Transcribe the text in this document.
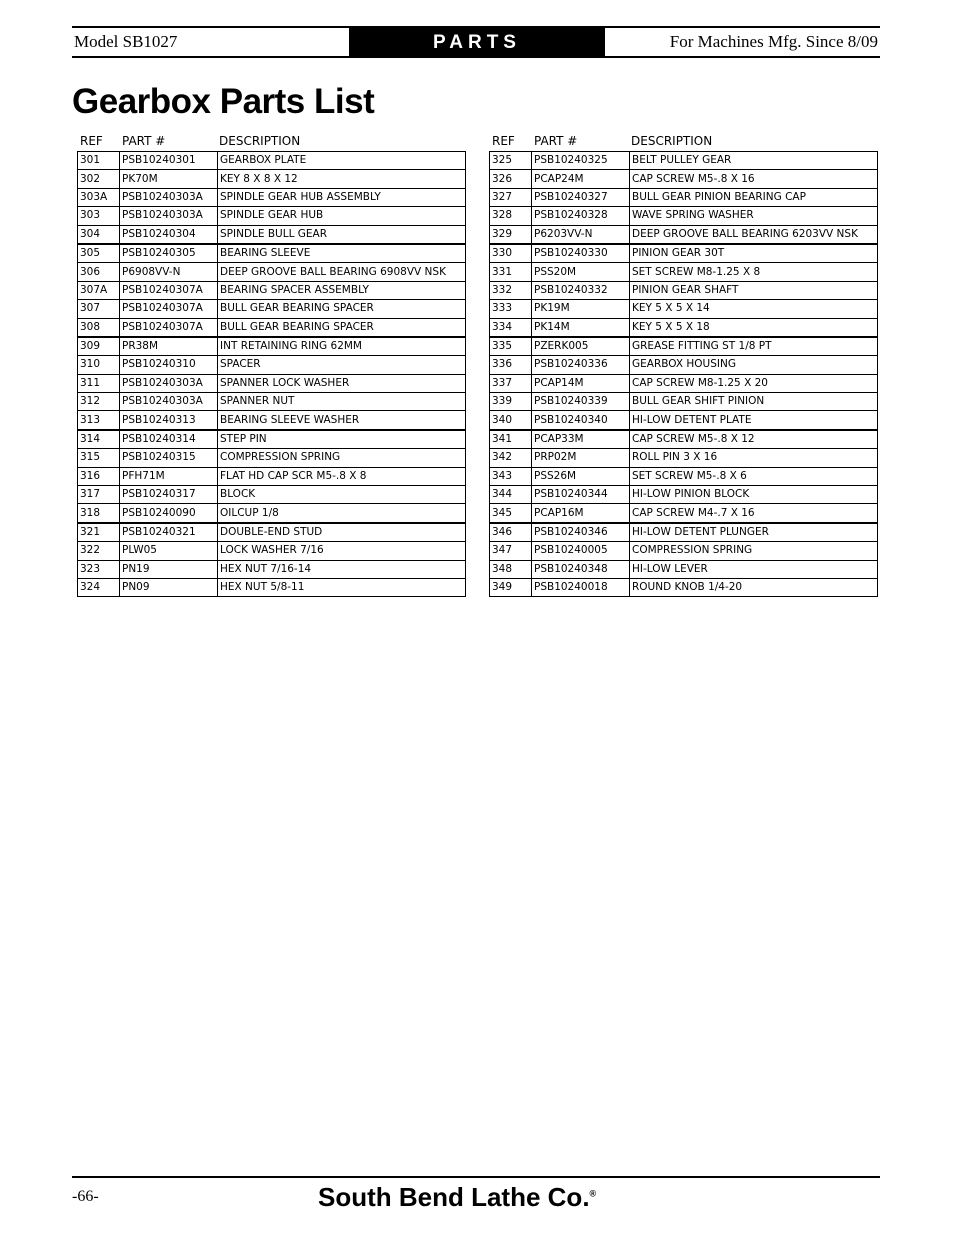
Model SB1027	PARTS	For Machines Mfg. Since 8/09
Gearbox Parts List
REF PART #	DESCRIPTION
301	PSB10240301	GEARBOX PLATE
302	PK70M	KEY 8 X 8 X 12
303A	PSB10240303A	SPINDLE GEAR HUB ASSEMBLY
303	PSB10240303A	SPINDLE GEAR HUB
304	PSB10240304	SPINDLE BULL GEAR
305	PSB10240305	BEARING SLEEVE
306	P6908VV-N	DEEP GROOVE BALL BEARING 6908VV NSK
307A	PSB10240307A	BEARING SPACER ASSEMBLY
307	PSB10240307A	BULL GEAR BEARING SPACER
308	PSB10240307A	BULL GEAR BEARING SPACER
309	PR38M	INT RETAINING RING 62MM
310	PSB10240310	SPACER
311	PSB10240303A	SPANNER LOCK WASHER
312	PSB10240303A	SPANNER NUT
313	PSB10240313	BEARING SLEEVE WASHER
314	PSB10240314	STEP PIN
315	PSB10240315	COMPRESSION SPRING
316	PFH71M	FLAT HD CAP SCR M5-.8 X 8
317	PSB10240317	BLOCK
318	PSB10240090	OILCUP 1/8
321	PSB10240321	DOUBLE-END STUD
322	PLW05	LOCK WASHER 7/16
323	PN19	HEX NUT 7/16-14
324	PN09	HEX NUT 5/8-11
REF PART #	DESCRIPTION
325	PSB10240325	BELT PULLEY GEAR
326	PCAP24M	CAP SCREW M5-.8 X 16
327	PSB10240327	BULL GEAR PINION BEARING CAP
328	PSB10240328	WAVE SPRING WASHER
329	P6203VV-N	DEEP GROOVE BALL BEARING 6203VV NSK
330	PSB10240330	PINION GEAR 30T
331	PSS20M	SET SCREW M8-1.25 X 8
332	PSB10240332	PINION GEAR SHAFT
333	PK19M	KEY 5 X 5 X 14
334	PK14M	KEY 5 X 5 X 18
335	PZERK005	GREASE FITTING ST 1/8 PT
336	PSB10240336	GEARBOX HOUSING
337	PCAP14M	CAP SCREW M8-1.25 X 20
339	PSB10240339	BULL GEAR SHIFT PINION
340	PSB10240340	HI-LOW DETENT PLATE
341	PCAP33M	CAP SCREW M5-.8 X 12
342	PRP02M	ROLL PIN 3 X 16
343	PSS26M	SET SCREW M5-.8 X 6
344	PSB10240344	HI-LOW PINION BLOCK
345	PCAP16M	CAP SCREW M4-.7 X 16
346	PSB10240346	HI-LOW DETENT PLUNGER
347	PSB10240005	COMPRESSION SPRING
348	PSB10240348	HI-LOW LEVER
349	PSB10240018	ROUND KNOB 1/4-20
-66-	South Bend Lathe Co.®
